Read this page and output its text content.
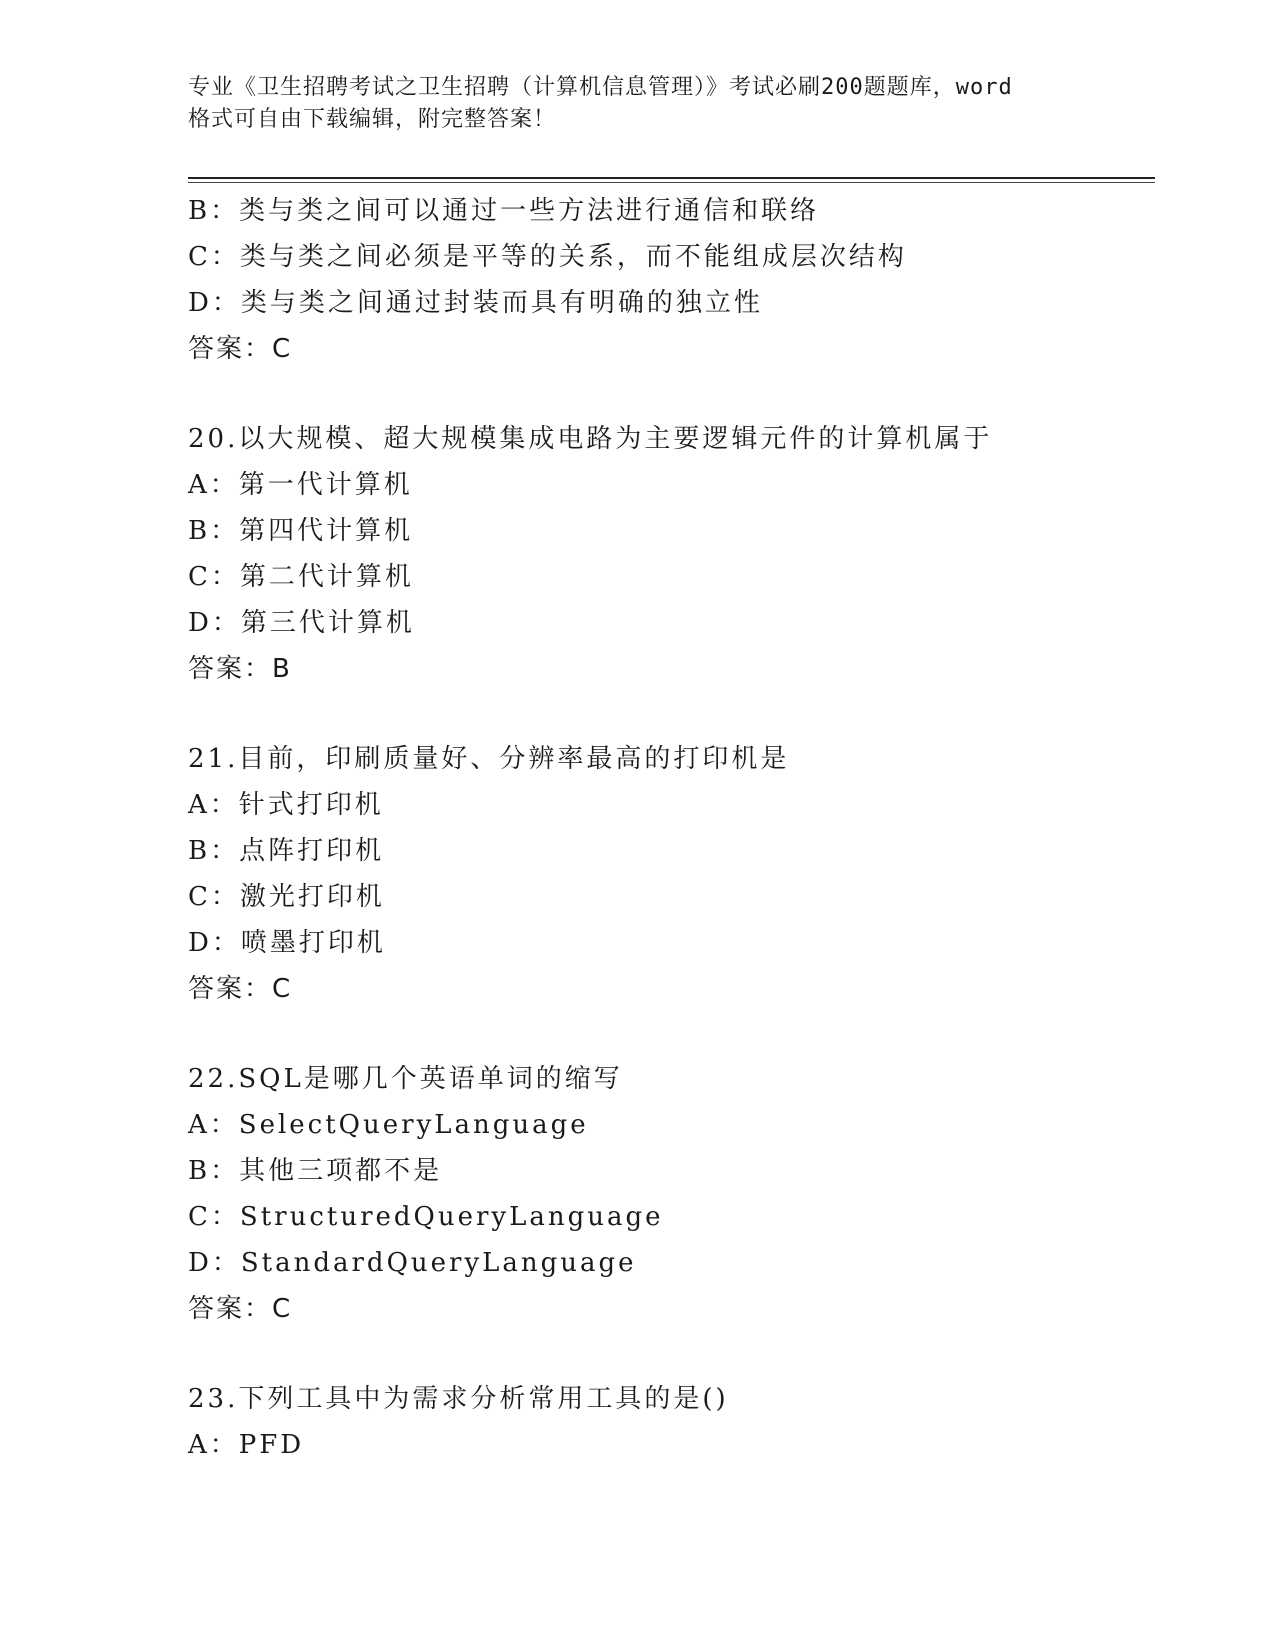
专业《卫生招聘考试之卫生招聘（计算机信息管理）》考试必刷200题题库，word
格式可自由下载编辑，附完整答案！
B：类与类之间可以通过一些方法进行通信和联络
C：类与类之间必须是平等的关系，而不能组成层次结构
D：类与类之间通过封装而具有明确的独立性
答案：C
20.以大规模、超大规模集成电路为主要逻辑元件的计算机属于
A：第一代计算机
B：第四代计算机
C：第二代计算机
D：第三代计算机
答案：B
21.目前，印刷质量好、分辨率最高的打印机是
A：针式打印机
B：点阵打印机
C：激光打印机
D：喷墨打印机
答案：C
22.SQL是哪几个英语单词的缩写
A：SelectQueryLanguage
B：其他三项都不是
C：StructuredQueryLanguage
D：StandardQueryLanguage
答案：C
23.下列工具中为需求分析常用工具的是()
A：PFD
